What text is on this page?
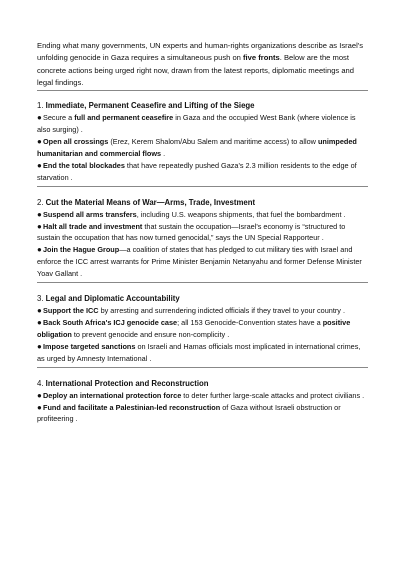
Ending what many governments, UN experts and human-rights organizations describe as Israel's unfolding genocide in Gaza requires a simultaneous push on five fronts. Below are the most concrete actions being urged right now, drawn from the latest reports, diplomatic meetings and legal findings.

1. Immediate, Permanent Ceasefire and Lifting of the Siege

●Secure a full and permanent ceasefire in Gaza and the occupied West Bank (where violence is also surging) .

●Open all crossings (Erez, Kerem Shalom/Abu Salem and maritime access) to allow unimpeded humanitarian and commercial flows .

●End the total blockades that have repeatedly pushed Gaza's 2.3 million residents to the edge of starvation .

2. Cut the Material Means of War—Arms, Trade, Investment

●Suspend all arms transfers, including U.S. weapons shipments, that fuel the bombardment .

●Halt all trade and investment that sustain the occupation—Israel's economy is “structured to sustain the occupation that has now turned genocidal,” says the UN Special Rapporteur .

●Join the Hague Group—a coalition of states that has pledged to cut military ties with Israel and enforce the ICC arrest warrants for Prime Minister Benjamin Netanyahu and former Defense Minister Yoav Gallant .

3. Legal and Diplomatic Accountability

●Support the ICC by arresting and surrendering indicted officials if they travel to your country .

●Back South Africa's ICJ genocide case; all 153 Genocide-Convention states have a positive obligation to prevent genocide and ensure non-complicity .

●Impose targeted sanctions on Israeli and Hamas officials most implicated in international crimes, as urged by Amnesty International .

4. International Protection and Reconstruction

●Deploy an international protection force to deter further large-scale attacks and protect civilians .

●Fund and facilitate a Palestinian-led reconstruction of Gaza without Israeli obstruction or profiteering .
